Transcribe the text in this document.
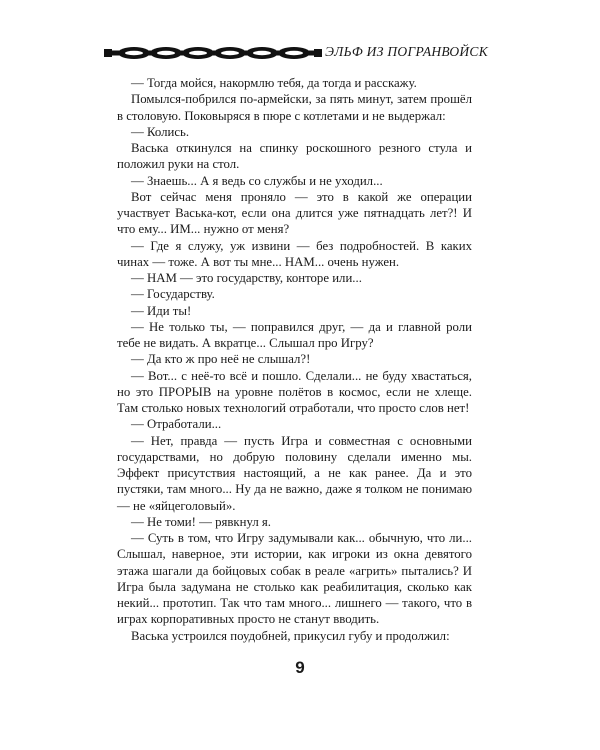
ЭЛЬФ ИЗ ПОГРАНВОЙСК

— Тогда мойся, накормлю тебя, да тогда и расскажу.

Помылся-побрился по-армейски, за пять минут, затем прошёл в столовую. Поковыряся в пюре с котлетами и не выдержал:

— Колись.

Васька откинулся на спинку роскошного резного стула и положил руки на стол.

— Знаешь... А я ведь со службы и не уходил...

Вот сейчас меня проняло — это в какой же операции участвует Васька-кот, если она длится уже пятнадцать лет?! И что ему... ИМ... нужно от меня?

— Где я служу, уж извини — без подробностей. В каких чинах — тоже. А вот ты мне... НАМ... очень нужен.

— НАМ — это государству, конторе или...

— Государству.

— Иди ты!

— Не только ты, — поправился друг, — да и главной роли тебе не видать. А вкратце... Слышал про Игру?

— Да кто ж про неё не слышал?!

— Вот... с неё-то всё и пошло. Сделали... не буду хвастаться, но это ПРОРЫВ на уровне полётов в космос, если не хлеще. Там столько новых технологий отработали, что просто слов нет!

— Отработали...

— Нет, правда — пусть Игра и совместная с основными государствами, но добрую половину сделали именно мы. Эффект присутствия настоящий, а не как ранее. Да и это пустяки, там много... Ну да не важно, даже я толком не понимаю — не «яйцеголовый».

— Не томи! — рявкнул я.

— Суть в том, что Игру задумывали как... обычную, что ли... Слышал, наверное, эти истории, как игроки из окна девятого этажа шагали да бойцовых собак в реале «агрить» пытались? И Игра была задумана не столько как реабилитация, сколько как некий... прототип. Так что там много... лишнего — такого, что в играх корпоративных просто не станут вводить.

Васька устроился поудобней, прикусил губу и продолжил:

9
